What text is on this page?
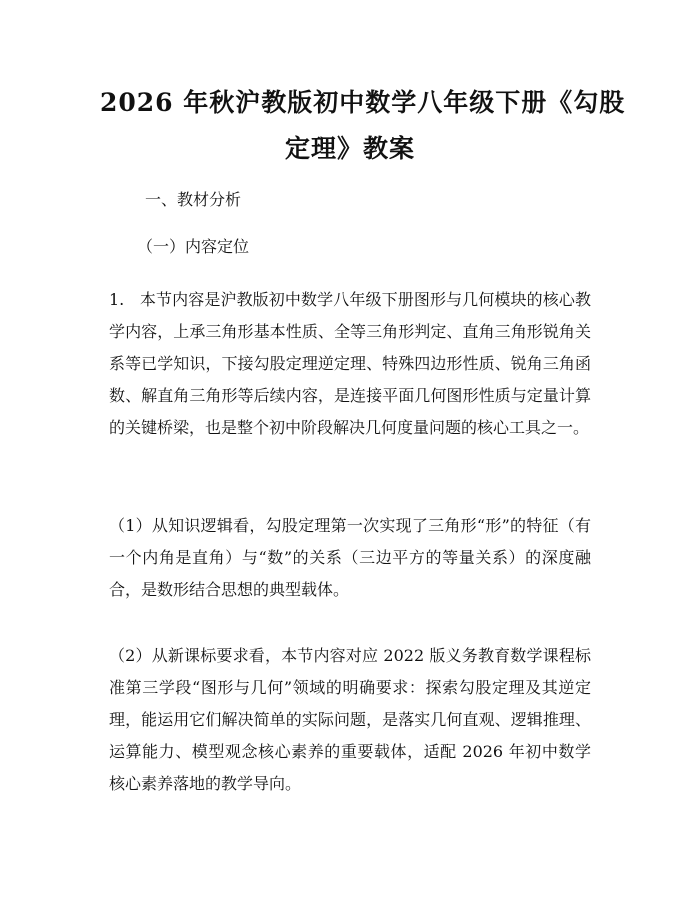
2026 年秋沪教版初中数学八年级下册《勾股
定理》教案
一、教材分析
（一）内容定位

1.   本节内容是沪教版初中数学八年级下册图形与几何模块的核心教学内容，上承三角形基本性质、全等三角形判定、直角三角形锐角关系等已学知识，下接勾股定理逆定理、特殊四边形性质、锐角三角函数、解直角三角形等后续内容，是连接平面几何图形性质与定量计算的关键桥梁，也是整个初中阶段解决几何度量问题的核心工具之一。

（1）从知识逻辑看，勾股定理第一次实现了三角形“形”的特征（有一个内角是直角）与“数”的关系（三边平方的等量关系）的深度融合，是数形结合思想的典型载体。

（2）从新课标要求看，本节内容对应 2022 版义务教育数学课程标准第三学段“图形与几何”领域的明确要求：探索勾股定理及其逆定理，能运用它们解决简单的实际问题，是落实几何直观、逻辑推理、运算能力、模型观念核心素养的重要载体，适配 2026 年初中数学核心素养落地的教学导向。
